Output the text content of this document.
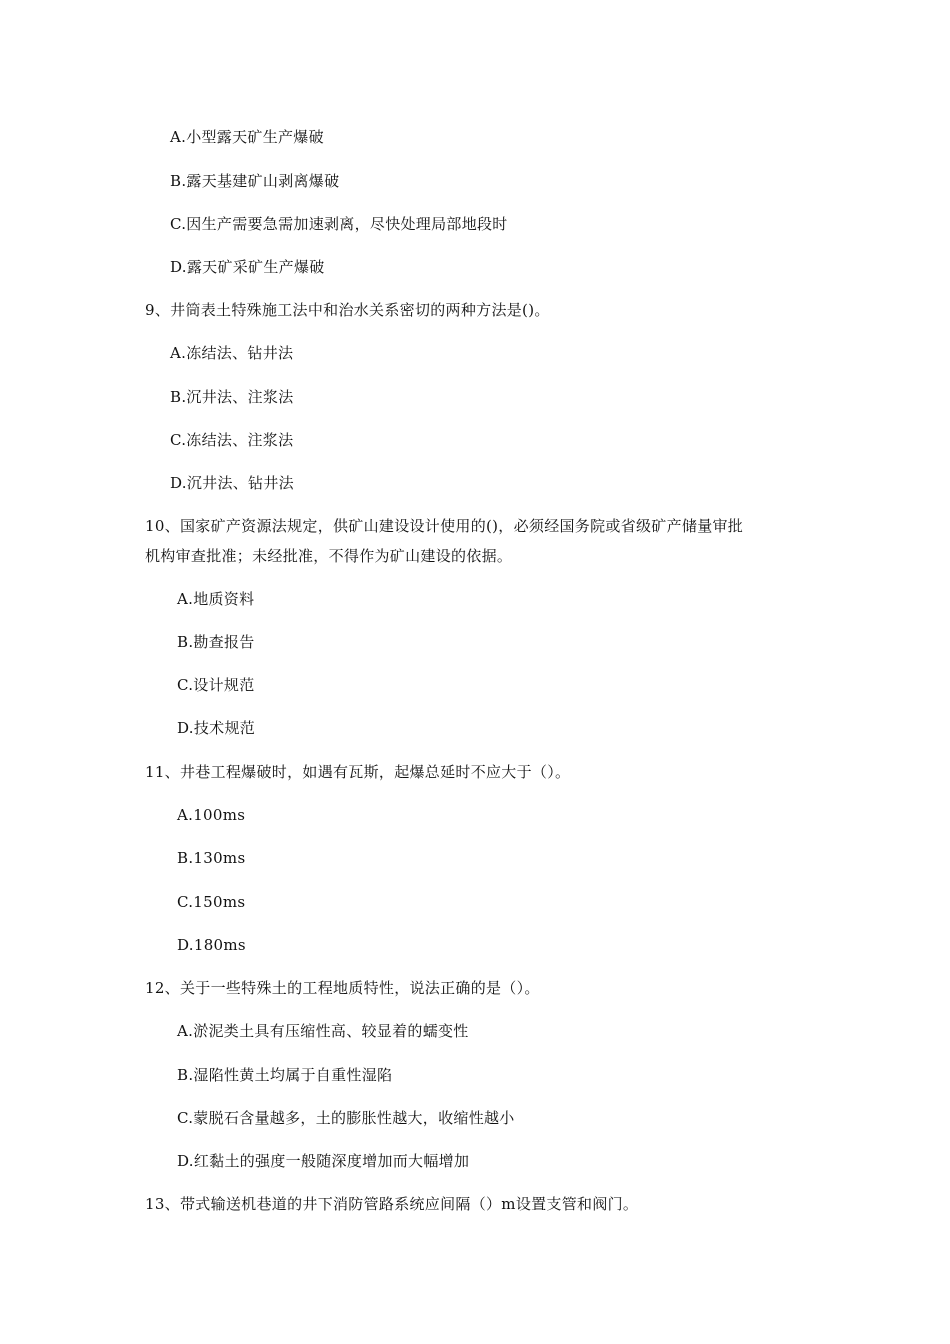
A.小型露天矿生产爆破
B.露天基建矿山剥离爆破
C.因生产需要急需加速剥离，尽快处理局部地段时
D.露天矿采矿生产爆破
9、井筒表土特殊施工法中和治水关系密切的两种方法是()。
A.冻结法、钻井法
B.沉井法、注浆法
C.冻结法、注浆法
D.沉井法、钻井法
10、国家矿产资源法规定，供矿山建设设计使用的()，必须经国务院或省级矿产储量审批
机构审查批准；未经批准，不得作为矿山建设的依据。
A.地质资料
B.勘查报告
C.设计规范
D.技术规范
11、井巷工程爆破时，如遇有瓦斯，起爆总延时不应大于（）。
A.100ms
B.130ms
C.150ms
D.180ms
12、关于一些特殊土的工程地质特性，说法正确的是（）。
A.淤泥类土具有压缩性高、较显着的蠕变性
B.湿陷性黄土均属于自重性湿陷
C.蒙脱石含量越多，土的膨胀性越大，收缩性越小
D.红黏土的强度一般随深度增加而大幅增加
13、带式输送机巷道的井下消防管路系统应间隔（）m设置支管和阀门。
